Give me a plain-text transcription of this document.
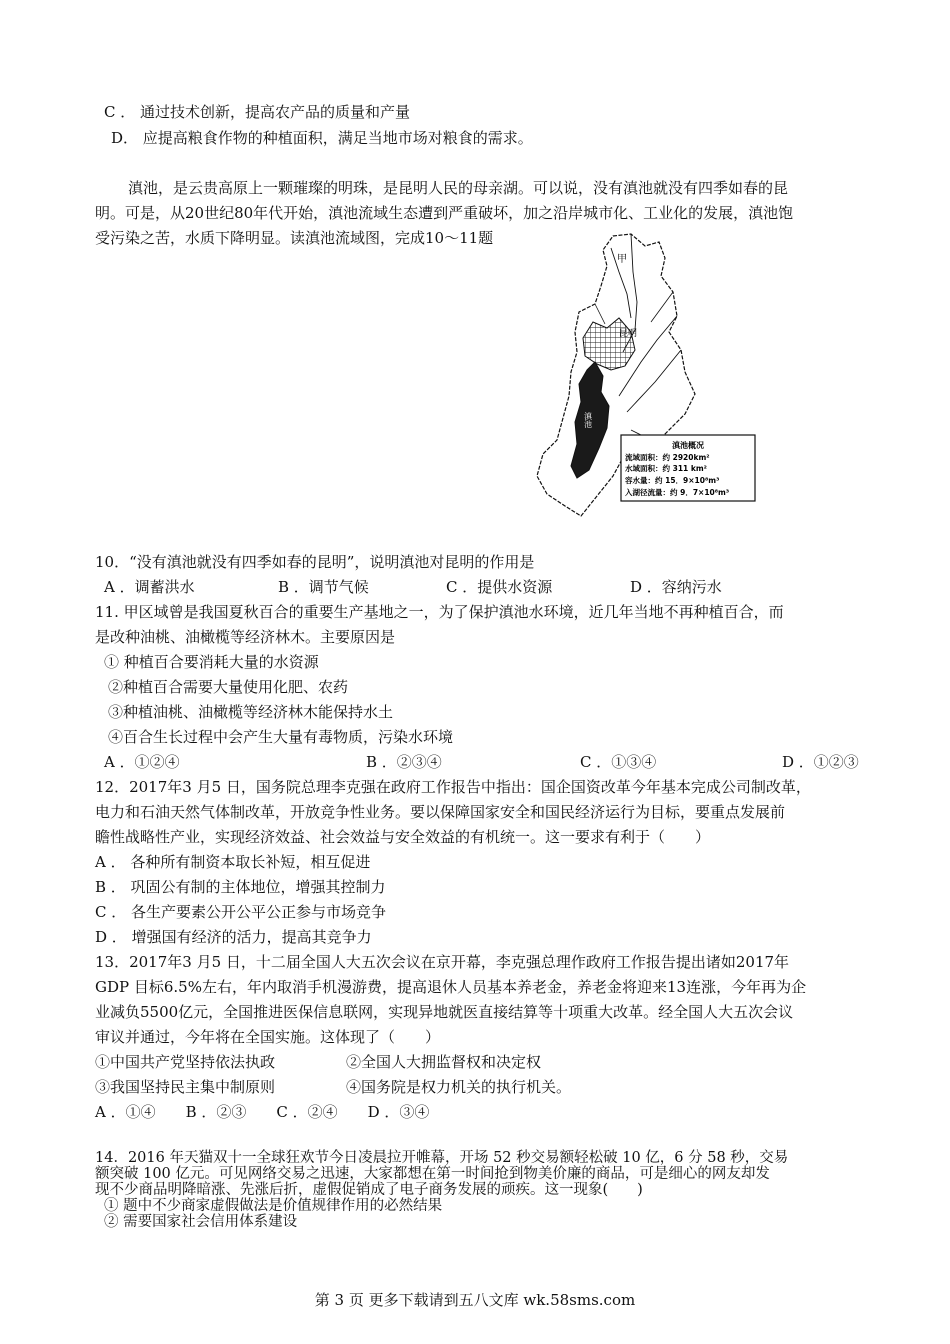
C ． 通过技术创新，提高农产品的质量和产量
D． 应提高粮食作物的种植面积，满足当地市场对粮食的需求。
滇池，是云贵高原上一颗璀璨的明珠，是昆明人民的母亲湖。可以说，没有滇池就没有四季如春的昆
明。可是，从20世纪80年代开始，滇池流域生态遭到严重破坏，加之沿岸城市化、工业化的发展，滇池饱
受污染之苦，水质下降明显。读滇池流域图，完成10～11题
甲
昆明
滇池
滇池概况
流域面积：约 2920km²
水域面积：约 311 km²
容水量：约 15．9×10⁸m³
入湖径流量：约 9．7×10⁸m³
10．“没有滇池就没有四季如春的昆明”，说明滇池对昆明的作用是
A ．调蓄洪水	B ．调节气候	C ．提供水资源	D ．容纳污水
11. 甲区域曾是我国夏秋百合的重要生产基地之一，为了保护滇池水环境，近几年当地不再种植百合，而
是改种油桃、油橄榄等经济林木。主要原因是
① 种植百合要消耗大量的水资源
②种植百合需要大量使用化肥、农药
③种植油桃、油橄榄等经济林木能保持水土
④百合生长过程中会产生大量有毒物质，污染水环境
A ．①②④	B ．②③④	C ．①③④	D ．①②③
12．2017年3 月5 日，国务院总理李克强在政府工作报告中指出：国企国资改革今年基本完成公司制改革，
电力和石油天然气体制改革，开放竞争性业务。要以保障国家安全和国民经济运行为目标，要重点发展前
瞻性战略性产业，实现经济效益、社会效益与安全效益的有机统一。这一要求有利于（　　）
A ． 各种所有制资本取长补短，相互促进
B ． 巩固公有制的主体地位，增强其控制力
C ． 各生产要素公开公平公正参与市场竞争
D ． 增强国有经济的活力，提高其竞争力
13．2017年3 月5 日，十二届全国人大五次会议在京开幕，李克强总理作政府工作报告提出诸如2017年
GDP 目标6.5%左右，年内取消手机漫游费，提高退休人员基本养老金，养老金将迎来13连涨，今年再为企
业减负5500亿元，全国推进医保信息联网，实现异地就医直接结算等十项重大改革。经全国人大五次会议
审议并通过，今年将在全国实施。这体现了（　　）
①中国共产党坚持依法执政	②全国人大拥监督权和决定权
③我国坚持民主集中制原则	④国务院是权力机关的执行机关。
A ．①④　　B ．②③　　C ．②④　　D ．③④
14．2016 年天猫双十一全球狂欢节今日凌晨拉开帷幕，开场 52 秒交易额轻松破 10 亿，6 分 58 秒，交易
额突破 100 亿元。可见网络交易之迅速，大家都想在第一时间抢到物美价廉的商品，可是细心的网友却发
现不少商品明降暗涨、先涨后折，虚假促销成了电子商务发展的顽疾。这一现象(　　)
① 题中不少商家虚假做法是价值规律作用的必然结果
② 需要国家社会信用体系建设
第 3 页 更多下载请到五八文库 wk.58sms.com
